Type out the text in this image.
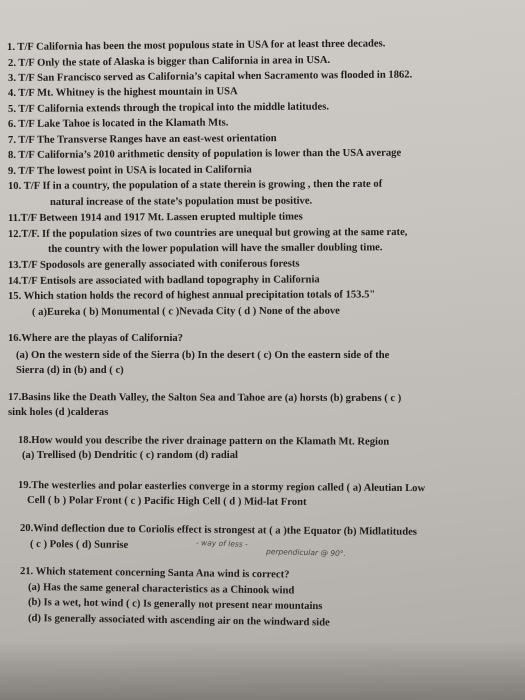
1. T/F California has been the most populous state in USA for at least three decades.
2. T/F Only the state of Alaska is bigger than California in area in USA.
3. T/F San Francisco served as California’s capital when Sacramento was flooded in 1862.
4. T/F Mt. Whitney is the highest mountain in USA
5. T/F California extends through the tropical into the middle latitudes.
6. T/F Lake Tahoe is located in the Klamath Mts.
7. T/F The Transverse Ranges have an east-west orientation
8. T/F California’s 2010 arithmetic density of population is lower than the USA average
9. T/F The lowest point in USA is located in California
10. T/F If in a country, the population of a state therein is growing , then the rate of
natural increase of the state’s population must be positive.
11.T/F Between 1914 and 1917 Mt. Lassen erupted multiple times
12.T/F. If the population sizes of two countries are unequal but growing at the same rate,
the country with the lower population will have the smaller doubling time.
13.T/F Spodosols are generally associated with coniferous forests
14.T/F Entisols are associated with badland topography in California
15. Which station holds the record of highest annual precipitation totals of 153.5"
( a)Eureka ( b) Monumental ( c )Nevada City ( d ) None of the above
16.Where are the playas of California?
(a) On the western side of the Sierra (b) In the desert ( c) On the eastern side of the
Sierra (d) in (b) and ( c)
17.Basins like the Death Valley, the Salton Sea and Tahoe are (a) horsts (b) grabens ( c )
sink holes (d )calderas
18.How would you describe the river drainage pattern on the Klamath Mt. Region
(a) Trellised (b) Dendritic ( c) random (d) radial
19.The westerlies and polar easterlies converge in a stormy region called ( a) Aleutian Low
Cell ( b ) Polar Front ( c ) Pacific High Cell ( d ) Mid-lat Front
20.Wind deflection due to Coriolis effect is strongest at ( a )the Equator (b) Midlatitudes
( c ) Poles ( d) Sunrise	- way of less -
perpendicular @ 90°.
21. Which statement concerning Santa Ana wind is correct?
(a) Has the same general characteristics as a Chinook wind
(b) Is a wet, hot wind ( c) Is generally not present near mountains
(d) Is generally associated with ascending air on the windward side
